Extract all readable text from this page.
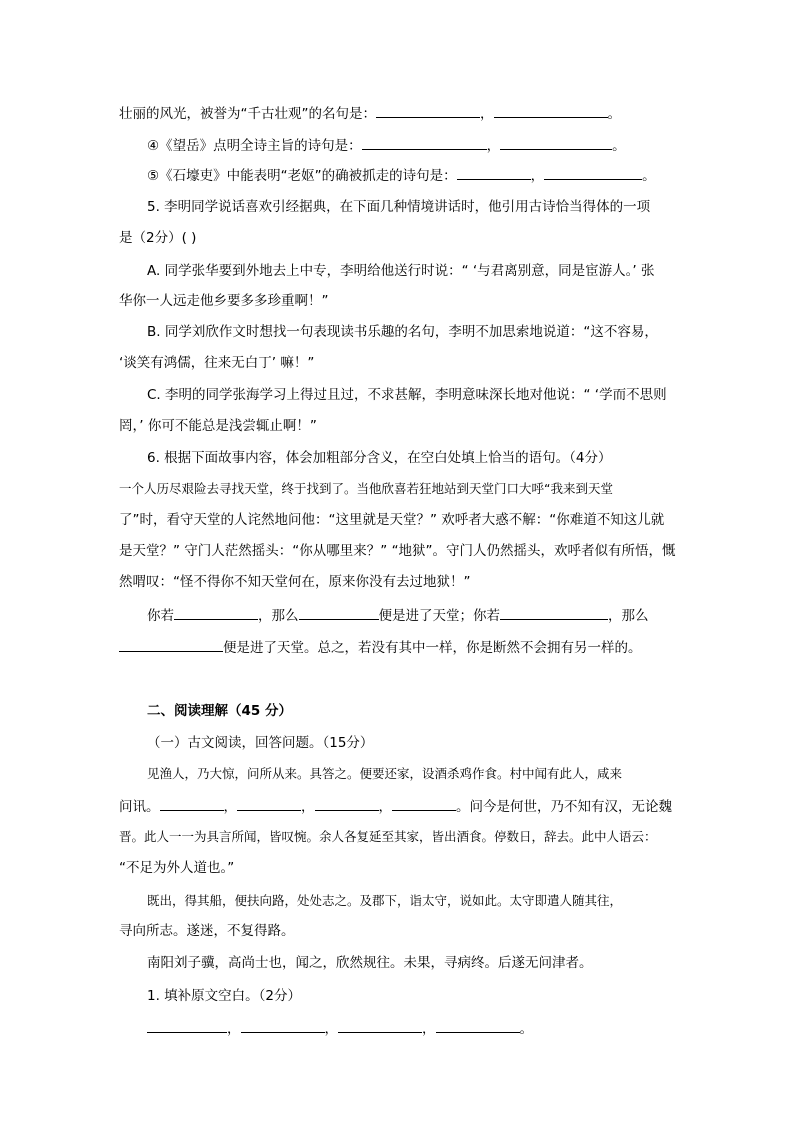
壮丽的风光，被誉为“千古壮观”的名句是：	，	。
④《望岳》点明全诗主旨的诗句是：	，	。
⑤《石壕吏》中能表明“老妪”的确被抓走的诗句是：	，	。
5. 李明同学说话喜欢引经据典，在下面几种情境讲话时，他引用古诗恰当得体的一项
是（2分）( )
A. 同学张华要到外地去上中专，李明给他送行时说：“ ‘与君离别意，同是宦游人。’ 张
华你一人远走他乡要多多珍重啊！”
B. 同学刘欣作文时想找一句表现读书乐趣的名句，李明不加思索地说道：“这不容易，
‘谈笑有鸿儒，往来无白丁’ 嘛！”
C. 李明的同学张海学习上得过且过，不求甚解，李明意味深长地对他说：“ ‘学而不思则
罔，’ 你可不能总是浅尝辄止啊！”
6. 根据下面故事内容，体会加粗部分含义，在空白处填上恰当的语句。（4分）
一个人历尽艰险去寻找天堂，终于找到了。当他欣喜若狂地站到天堂门口大呼“我来到天堂
了”时，看守天堂的人诧然地问他：“这里就是天堂？” 欢呼者大惑不解：“你难道不知这儿就
是天堂？” 守门人茫然摇头：“你从哪里来？” “地狱”。守门人仍然摇头，欢呼者似有所悟，慨
然喟叹：“怪不得你不知天堂何在，原来你没有去过地狱！”
你若	，那么	便是进了天堂；你若	，那么
便是进了天堂。总之，若没有其中一样，你是断然不会拥有另一样的。
二、阅读理解（45 分）
（一）古文阅读，回答问题。（15分）
见渔人，乃大惊，问所从来。具答之。便要还家，设酒杀鸡作食。村中闻有此人，咸来
问讯。	，	，	，	。问今是何世，乃不知有汉，无论魏
晋。此人一一为具言所闻，皆叹惋。余人各复延至其家，皆出酒食。停数日，辞去。此中人语云：
“不足为外人道也。”
既出，得其船，便扶向路，处处志之。及郡下，诣太守，说如此。太守即遣人随其往，
寻向所志。遂迷，不复得路。
南阳刘子骥，高尚士也，闻之，欣然规往。未果，寻病终。后遂无问津者。
1. 填补原文空白。（2分）
，	，	，	。
